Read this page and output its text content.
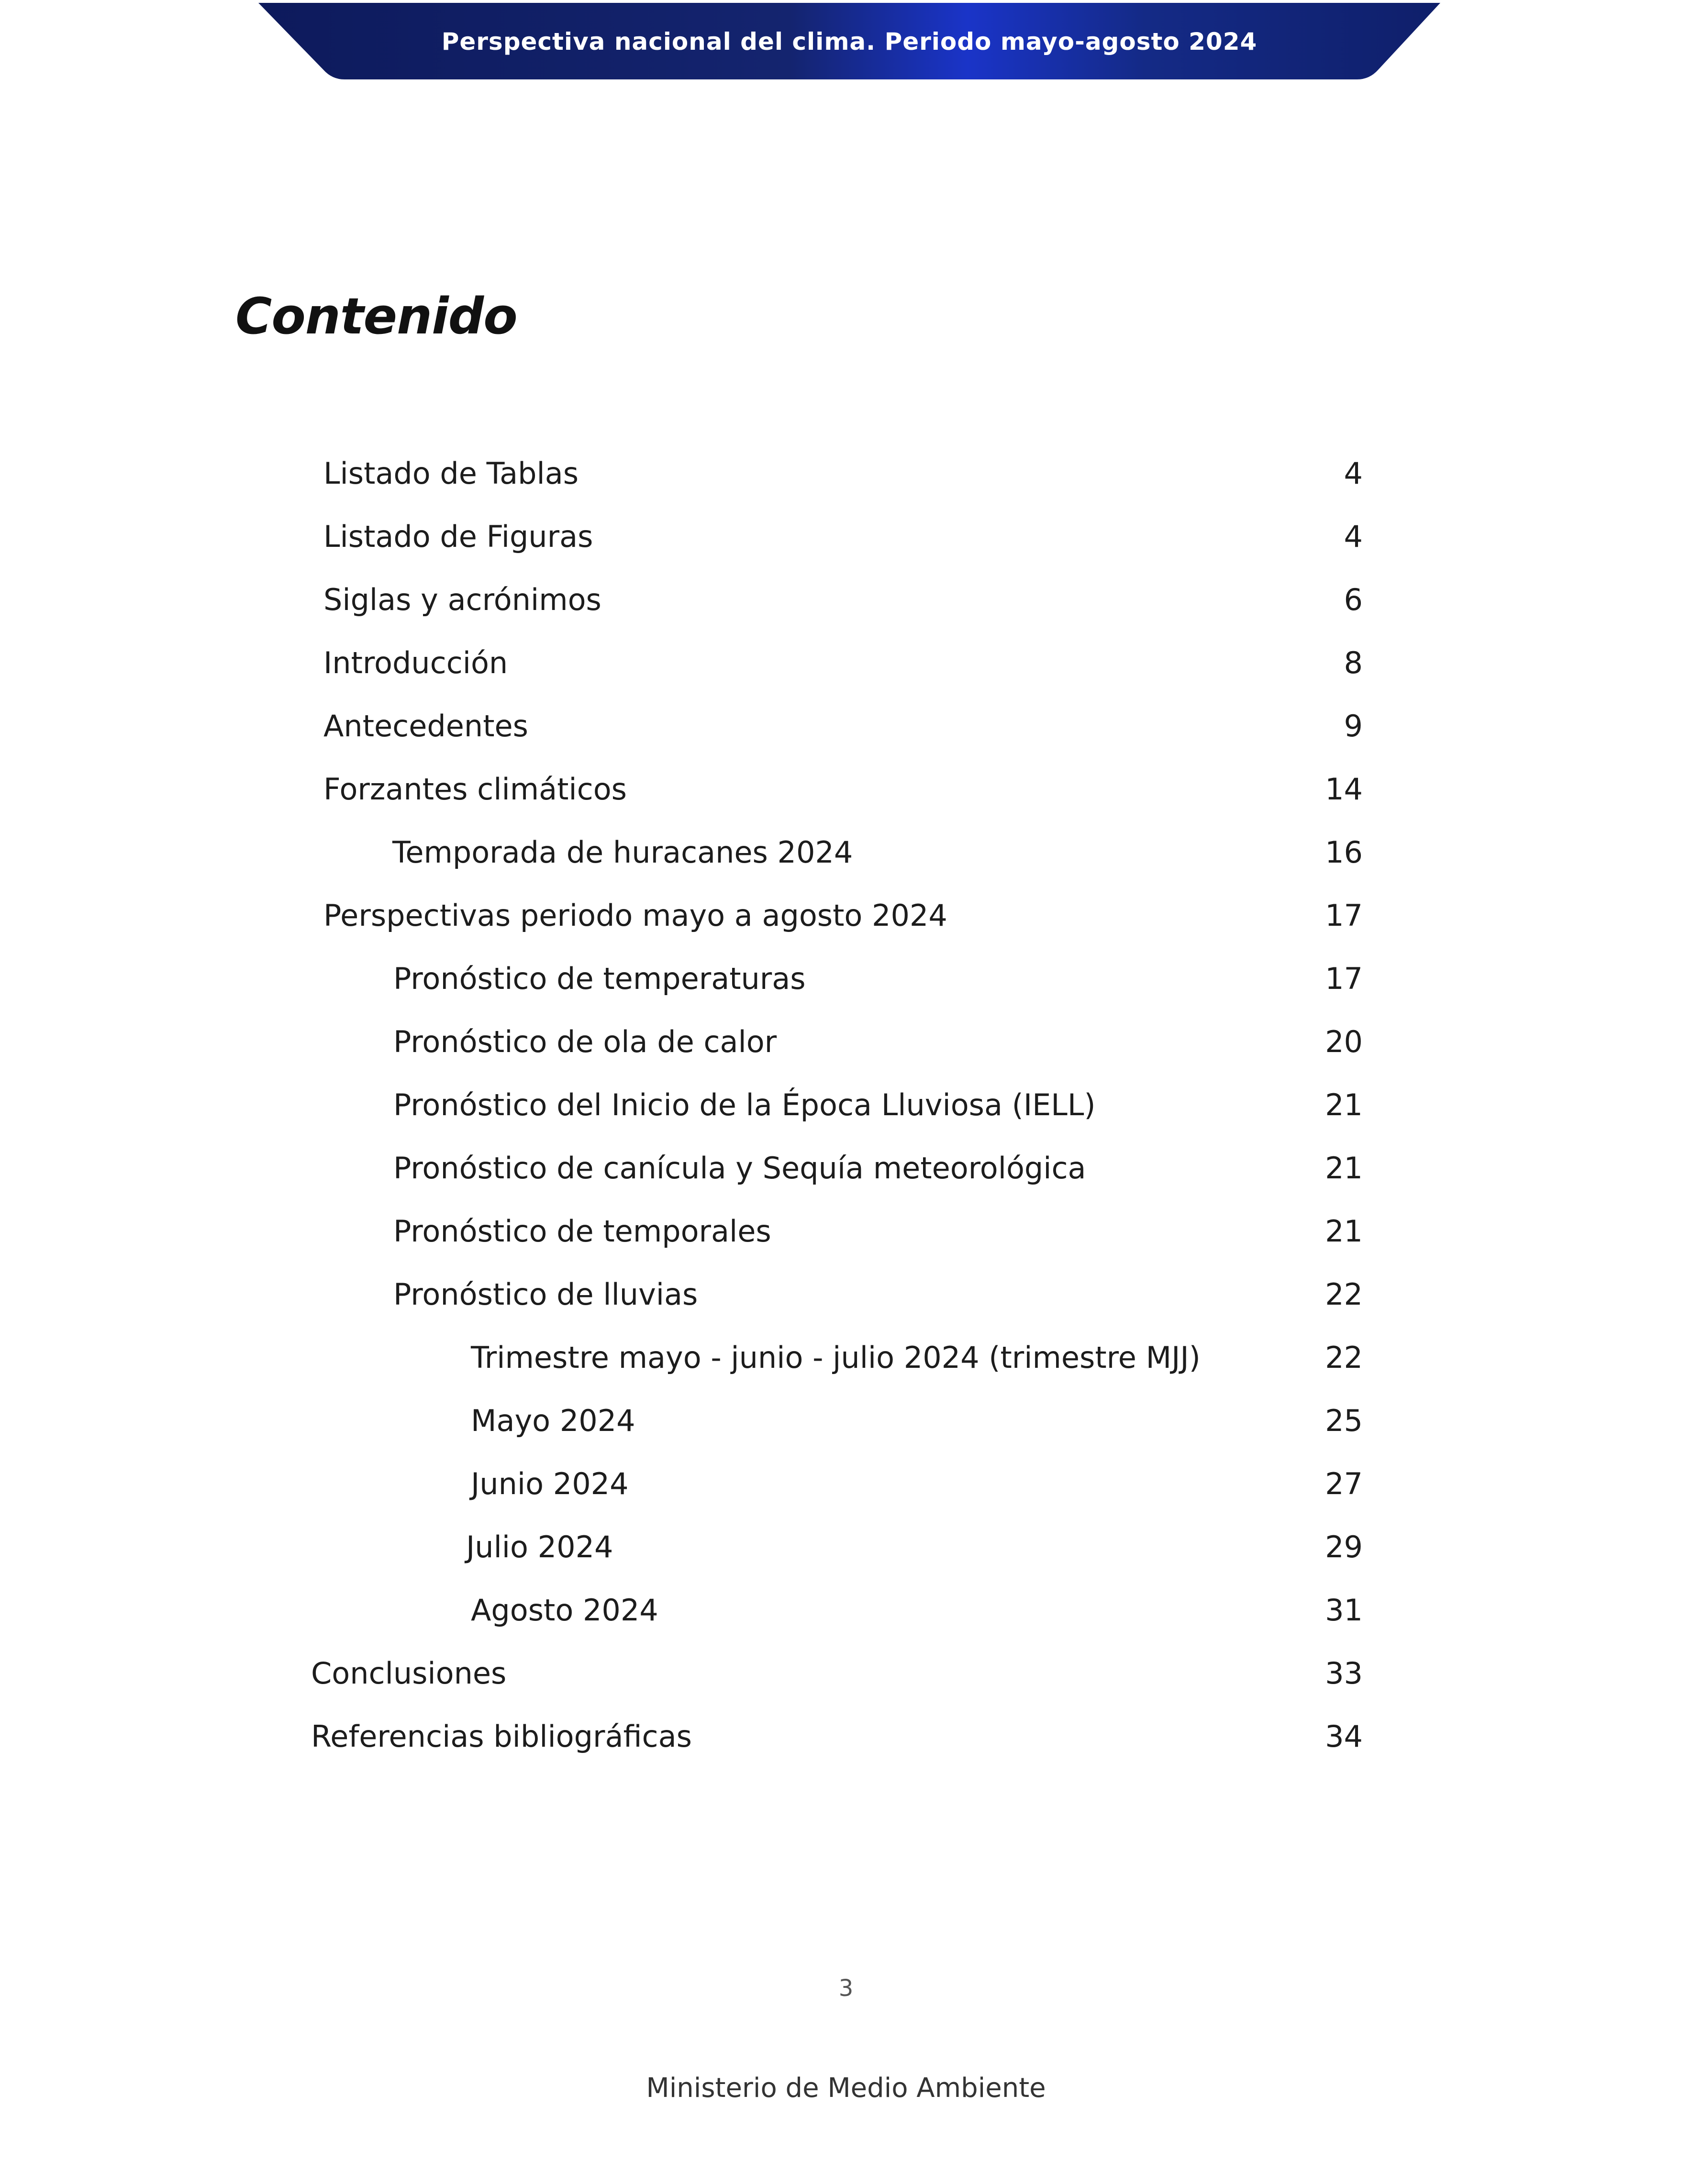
Perspectiva nacional del clima. Periodo mayo-agosto 2024
Contenido
Listado de Tablas	4
Listado de Figuras	4
Siglas y acrónimos	6
Introducción	8
Antecedentes	9
Forzantes climáticos	14
Temporada de huracanes 2024	16
Perspectivas periodo mayo a agosto 2024	17
Pronóstico de temperaturas	17
Pronóstico de ola de calor	20
Pronóstico del Inicio de la Época Lluviosa (IELL)	21
Pronóstico de canícula y Sequía meteorológica	21
Pronóstico de temporales	21
Pronóstico de lluvias	22
Trimestre mayo - junio - julio 2024 (trimestre MJJ)	22
Mayo 2024	25
Junio 2024	27
Julio 2024	29
Agosto 2024	31
Conclusiones	33
Referencias bibliográficas	34
3
Ministerio de Medio Ambiente
